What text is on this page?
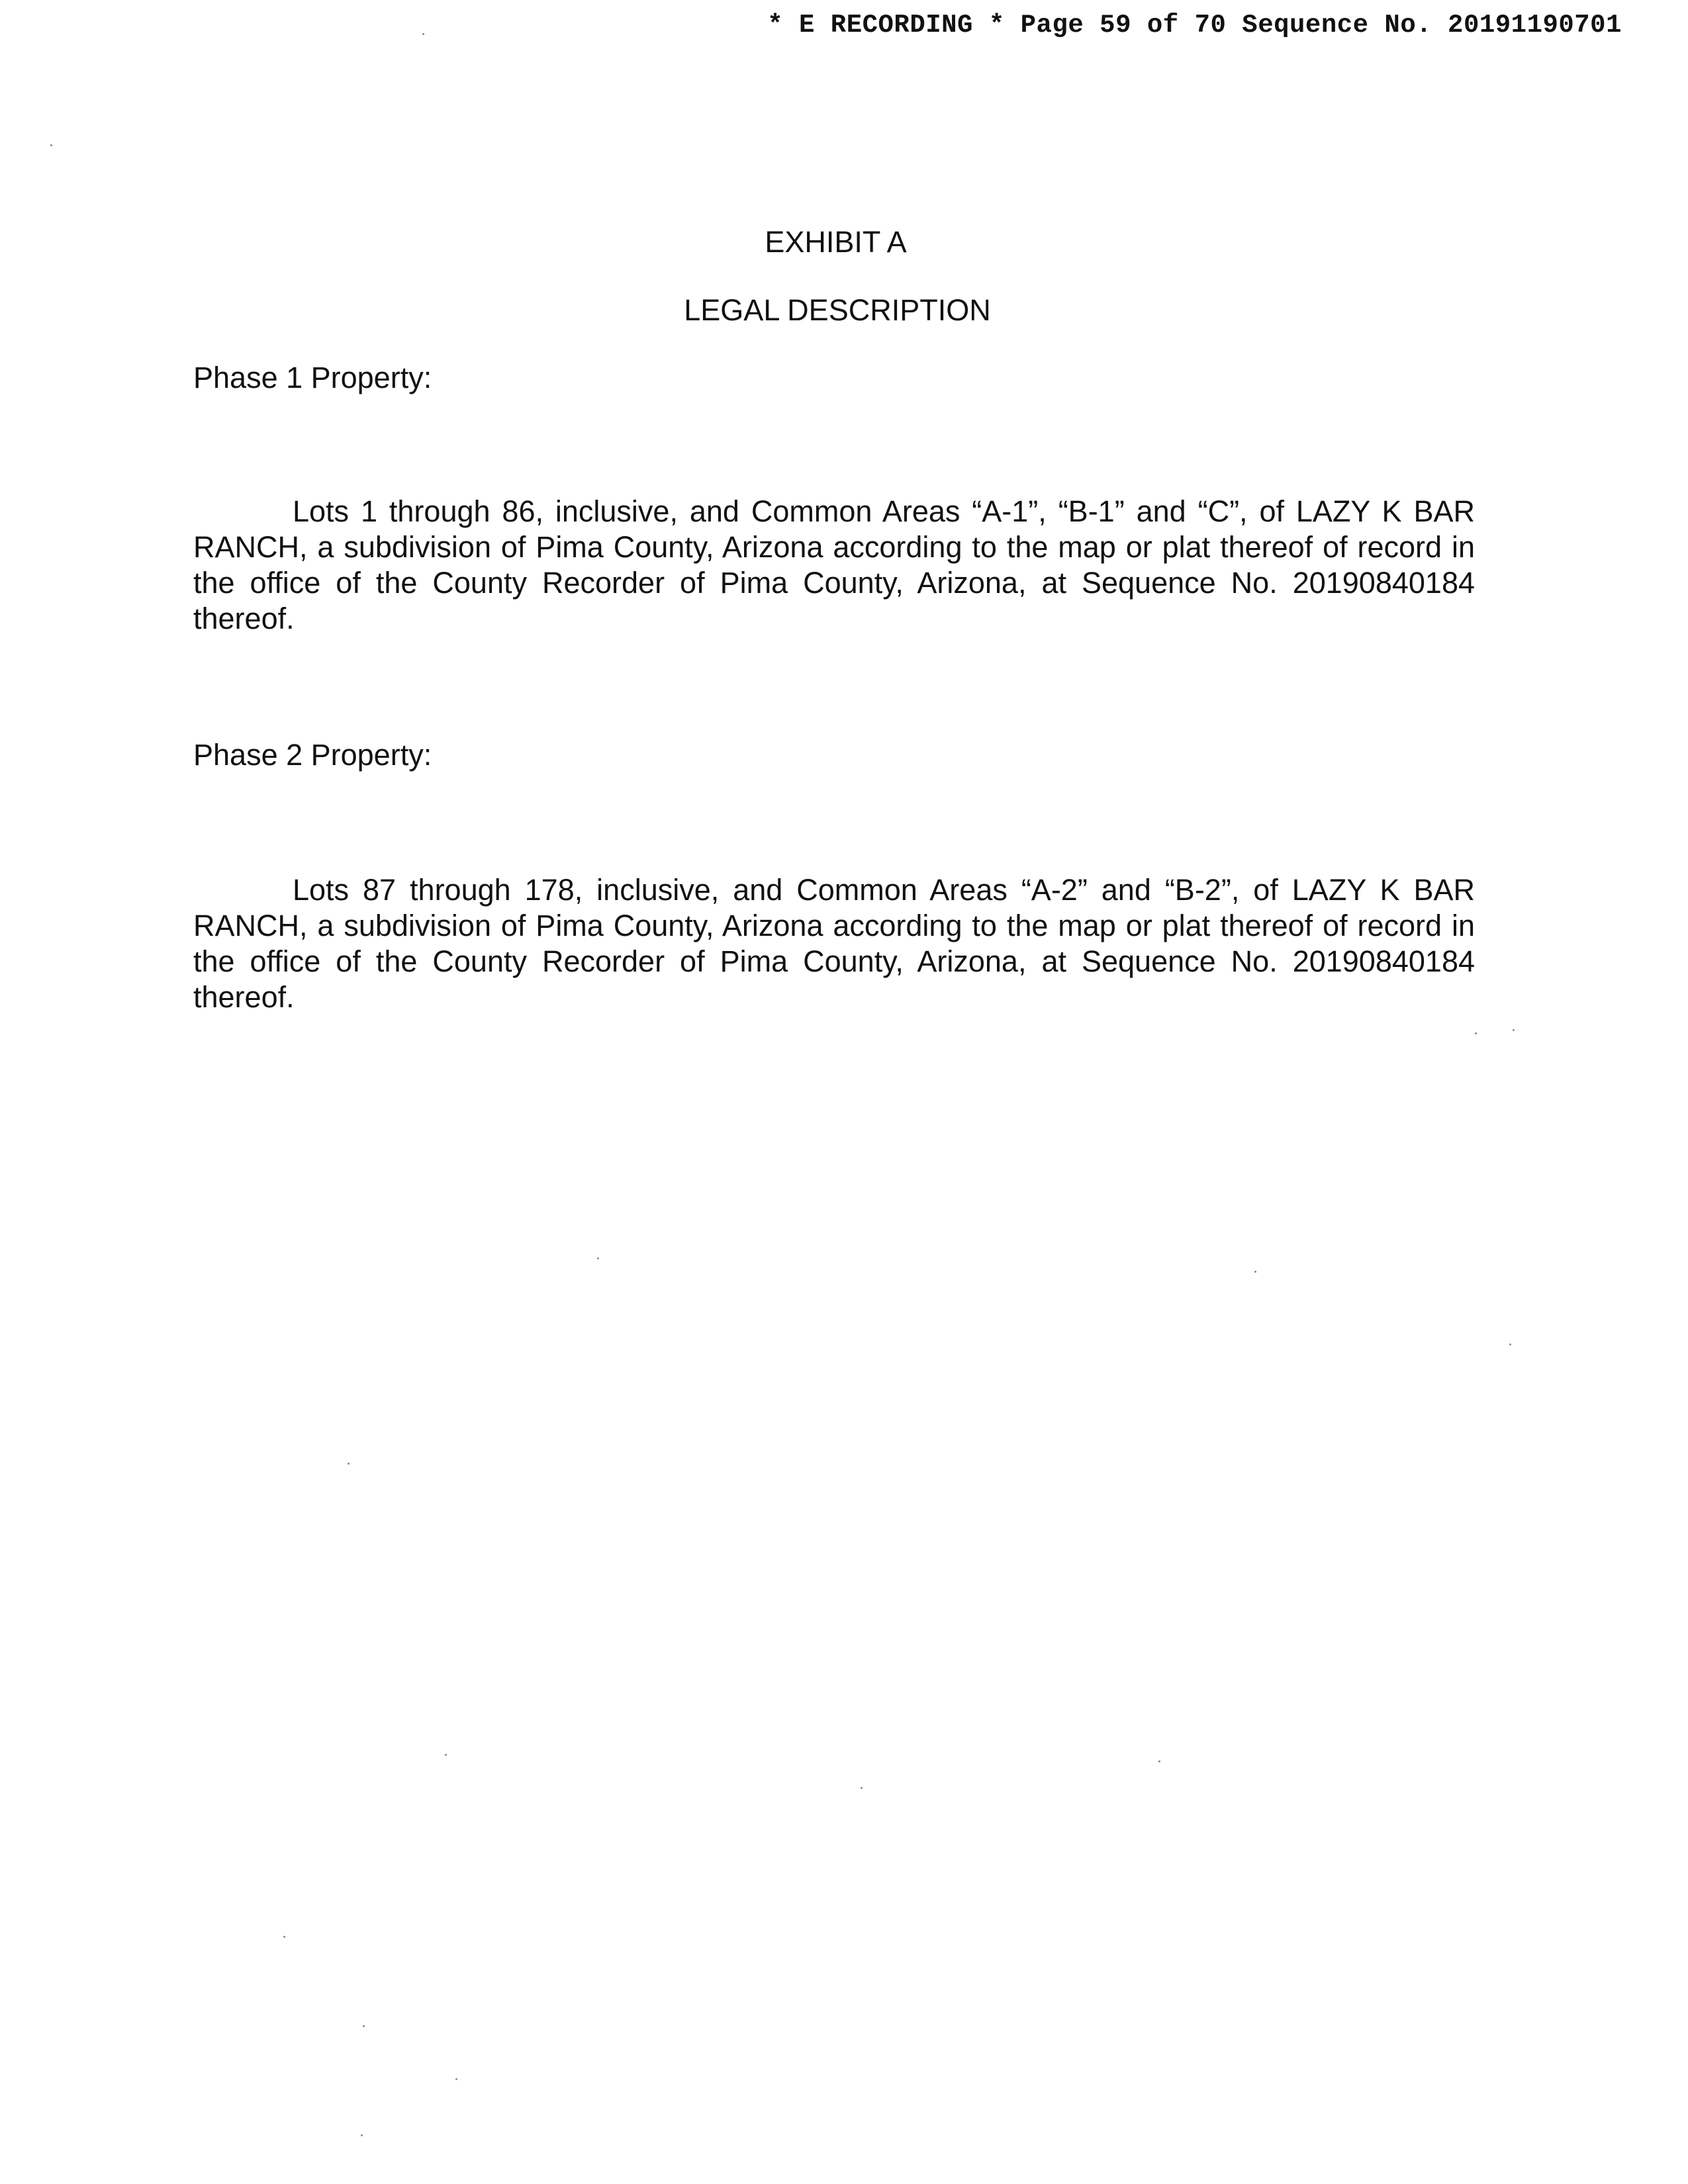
* E RECORDING * Page 59 of 70 Sequence No. 20191190701
EXHIBIT A
LEGAL DESCRIPTION
Phase 1 Property:
Lots 1 through 86, inclusive, and Common Areas “A-1”, “B-1” and “C”, of LAZY K BAR RANCH, a subdivision of Pima County, Arizona according to the map or plat thereof of record in the office of the County Recorder of Pima County, Arizona, at Sequence No. 20190840184 thereof.
Phase 2 Property:
Lots 87 through 178, inclusive, and Common Areas “A-2” and “B-2”, of LAZY K BAR RANCH, a subdivision of Pima County, Arizona according to the map or plat thereof of record in the office of the County Recorder of Pima County, Arizona, at Sequence No. 20190840184 thereof.
